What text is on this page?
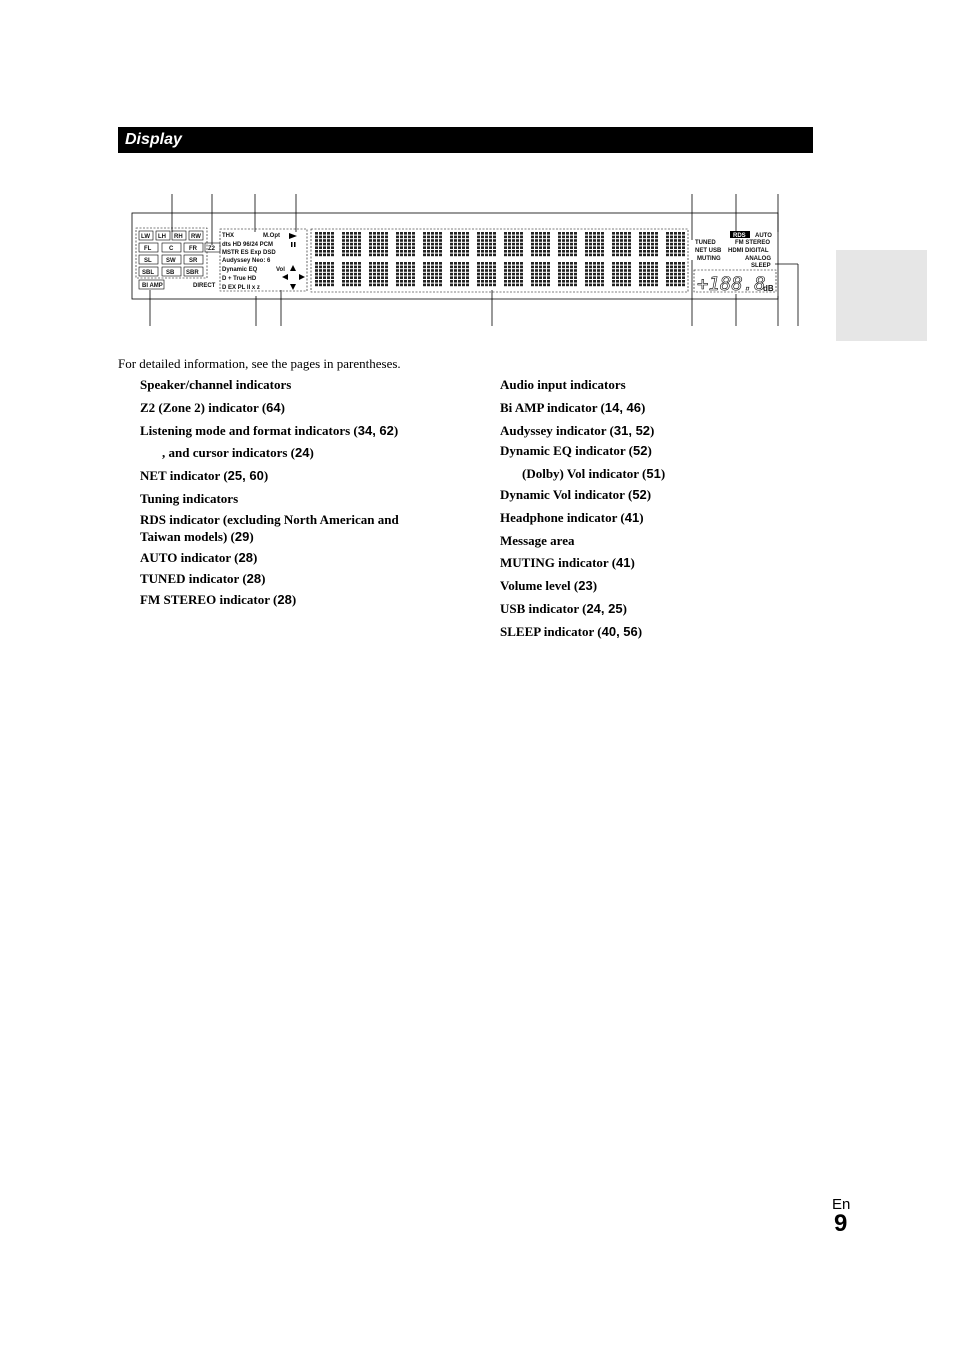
Display
LW LH RH RW
FL	C	FR
SL SW SR
SBL SB SBR
BI AMP
Z2
THX	M.Opt
dts HD 96/24 PCM
MSTR ES Exp DSD
Audyssey Neo: 6
Dynamic EQ	Vol
D + True HD
D EX PL II x z
DIRECT
RDS AUTO
TUNED	FM STEREO
NET USB HDMI DIGITAL
MUTING	ANALOG
SLEEP
+188.8
dB
For detailed information, see the pages in parentheses.

Speaker/channel indicators

Z2 (Zone 2) indicator (64)

Listening mode and format indicators (34, 62)

, and cursor indicators (24)

NET indicator (25, 60)

Tuning indicators

RDS indicator (excluding North American and

Taiwan models) (29)

AUTO indicator (28)

TUNED indicator (28)

FM STEREO indicator (28)

Audio input indicators

Bi AMP indicator (14, 46)

Audyssey indicator (31, 52)

Dynamic EQ indicator (52)

(Dolby) Vol indicator (51)

Dynamic Vol indicator (52)

Headphone indicator (41)

Message area

MUTING indicator (41)

Volume level (23)

USB indicator (24, 25)

SLEEP indicator (40, 56)

En
9
